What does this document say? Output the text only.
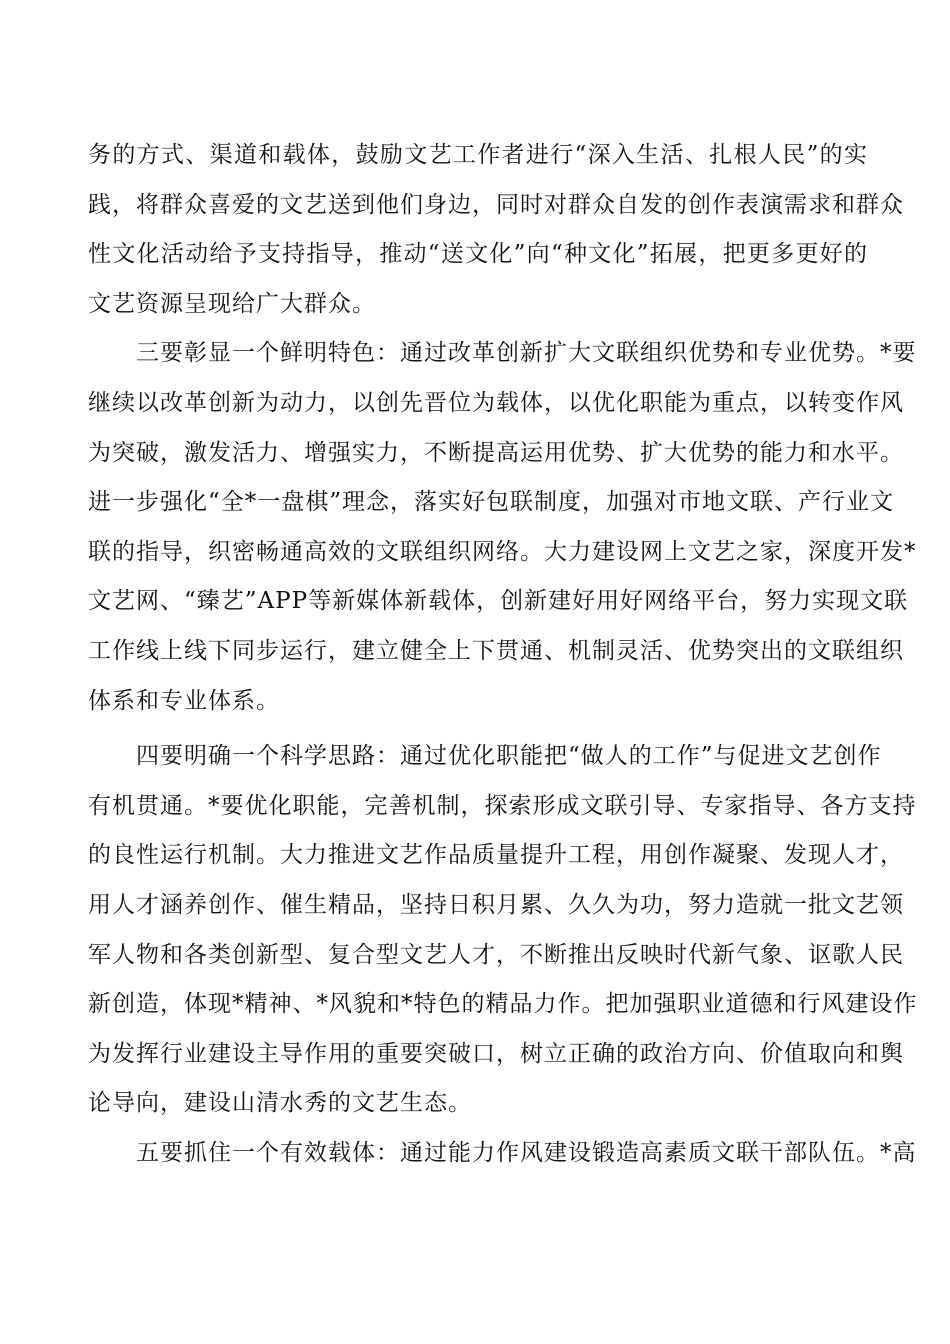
务的方式、渠道和载体，鼓励文艺工作者进行“深入生活、扎根人民”的实
践，将群众喜爱的文艺送到他们身边，同时对群众自发的创作表演需求和群众
性文化活动给予支持指导，推动“送文化”向“种文化”拓展，把更多更好的
文艺资源呈现给广大群众。
三要彰显一个鲜明特色：通过改革创新扩大文联组织优势和专业优势。*要
继续以改革创新为动力，以创先晋位为载体，以优化职能为重点，以转变作风
为突破，激发活力、增强实力，不断提高运用优势、扩大优势的能力和水平。
进一步强化“全*一盘棋”理念，落实好包联制度，加强对市地文联、产行业文
联的指导，织密畅通高效的文联组织网络。大力建设网上文艺之家，深度开发*
文艺网、“臻艺”APP等新媒体新载体，创新建好用好网络平台，努力实现文联
工作线上线下同步运行，建立健全上下贯通、机制灵活、优势突出的文联组织
体系和专业体系。
四要明确一个科学思路：通过优化职能把“做人的工作”与促进文艺创作
有机贯通。*要优化职能，完善机制，探索形成文联引导、专家指导、各方支持
的良性运行机制。大力推进文艺作品质量提升工程，用创作凝聚、发现人才，
用人才涵养创作、催生精品，坚持日积月累、久久为功，努力造就一批文艺领
军人物和各类创新型、复合型文艺人才，不断推出反映时代新气象、讴歌人民
新创造，体现*精神、*风貌和*特色的精品力作。把加强职业道德和行风建设作
为发挥行业建设主导作用的重要突破口，树立正确的政治方向、价值取向和舆
论导向，建设山清水秀的文艺生态。
五要抓住一个有效载体：通过能力作风建设锻造高素质文联干部队伍。*高
